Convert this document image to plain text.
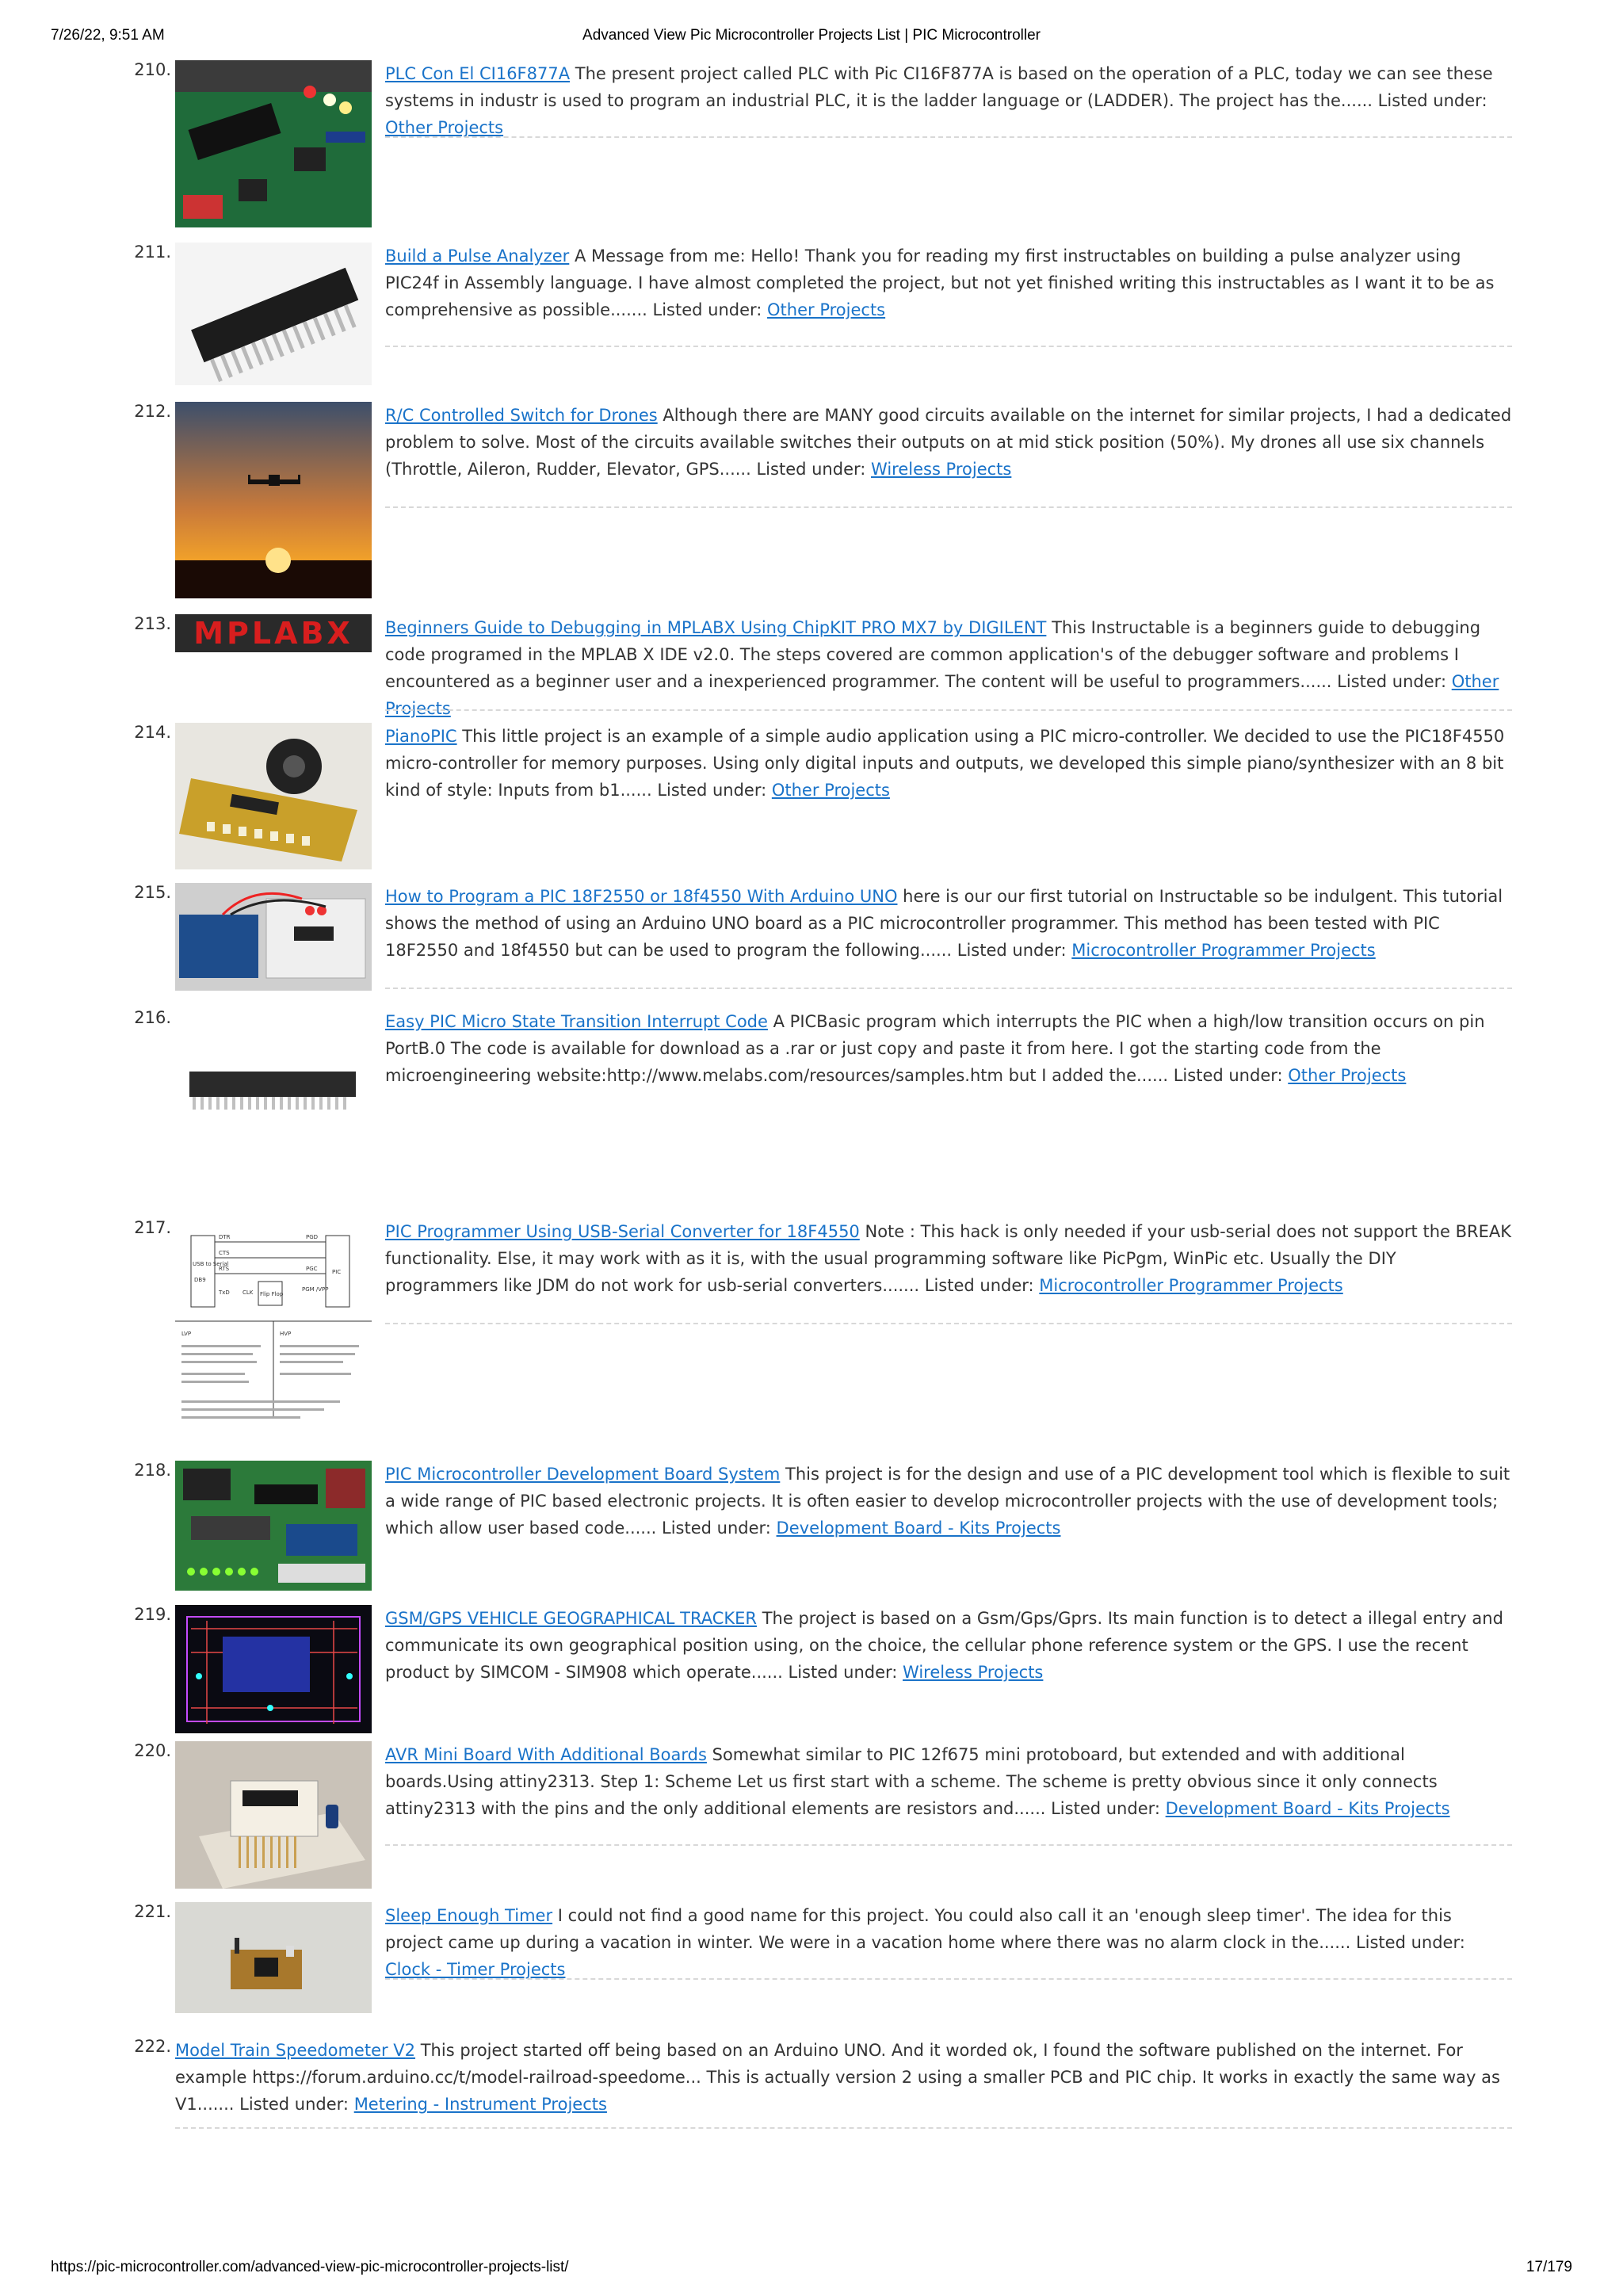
7/26/22, 9:51 AM	Advanced View Pic Microcontroller Projects List | PIC Microcontroller
210.	PLC Con El CI16F877A The present project called PLC with Pic CI16F877A is based on the operation of a PLC, today we can see these systems in industr is used to program an industrial PLC, it is the ladder language or (LADDER). The project has the...... Listed under: Other Projects
211.	Build a Pulse Analyzer A Message from me: Hello! Thank you for reading my first instructables on building a pulse analyzer using PIC24f in Assembly language. I have almost completed the project, but not yet finished writing this instructables as I want it to be as comprehensive as possible....... Listed under: Other Projects
212.	R/C Controlled Switch for Drones Although there are MANY good circuits available on the internet for similar projects, I had a dedicated problem to solve. Most of the circuits available switches their outputs on at mid stick position (50%). My drones all use six channels (Throttle, Aileron, Rudder, Elevator, GPS...... Listed under: Wireless Projects
213. MPLABX Beginners Guide to Debugging in MPLABX Using ChipKIT PRO MX7 by DIGILENT This Instructable is a beginners guide to debugging code programed in the MPLAB X IDE v2.0. The steps covered are common application's of the debugger software and problems I encountered as a beginner user and a inexperienced programmer. The content will be useful to programmers...... Listed under: Other Projects
214.	PianoPIC This little project is an example of a simple audio application using a PIC micro-controller. We decided to use the PIC18F4550 micro-controller for memory purposes. Using only digital inputs and outputs, we developed this simple piano/synthesizer with an 8 bit kind of style: Inputs from b1...... Listed under: Other Projects
215.	How to Program a PIC 18F2550 or 18f4550 With Arduino UNO here is our our first tutorial on Instructable so be indulgent. This tutorial shows the method of using an Arduino UNO board as a PIC microcontroller programmer. This method has been tested with PIC 18F2550 and 18f4550 but can be used to program the following...... Listed under: Microcontroller Programmer Projects
216.	Easy PIC Micro State Transition Interrupt Code A PICBasic program which interrupts the PIC when a high/low transition occurs on pin PortB.0 The code is available for download as a .rar or just copy and paste it from here. I got the starting code from the microengineering website:http://www.melabs.com/resources/samples.htm but I added the...... Listed under: Other Projects
217.
USB to Serial
DB9
PIC
DTR
CTS
RTS
PGD
PGC
Flip Flop
TxD CLK	PGM /VPP
LVP	HVP
PIC Programmer Using USB-Serial Converter for 18F4550 Note : This hack is only needed if your usb-serial does not support the BREAK functionality. Else, it may work with as it is, with the usual programming software like PicPgm, WinPic etc. Usually the DIY programmers like JDM do not work for usb-serial converters....... Listed under: Microcontroller Programmer Projects
218.	PIC Microcontroller Development Board System This project is for the design and use of a PIC development tool which is flexible to suit a wide range of PIC based electronic projects. It is often easier to develop microcontroller projects with the use of development tools; which allow user based code...... Listed under: Development Board - Kits Projects
219.	GSM/GPS VEHICLE GEOGRAPHICAL TRACKER The project is based on a Gsm/Gps/Gprs. Its main function is to detect a illegal entry and communicate its own geographical position using, on the choice, the cellular phone reference system or the GPS. I use the recent product by SIMCOM - SIM908 which operate...... Listed under: Wireless Projects
220.	AVR Mini Board With Additional Boards Somewhat similar to PIC 12f675 mini protoboard, but extended and with additional boards.Using attiny2313. Step 1: Scheme Let us first start with a scheme. The scheme is pretty obvious since it only connects attiny2313 with the pins and the only additional elements are resistors and...... Listed under: Development Board - Kits Projects
221.	Sleep Enough Timer I could not find a good name for this project. You could also call it an 'enough sleep timer'. The idea for this project came up during a vacation in winter. We were in a vacation home where there was no alarm clock in the...... Listed under: Clock - Timer Projects
222. Model Train Speedometer V2 This project started off being based on an Arduino UNO. And it worded ok, I found the software published on the internet. For example https://forum.arduino.cc/t/model-railroad-speedome... This is actually version 2 using a smaller PCB and PIC chip. It works in exactly the same way as V1....... Listed under: Metering - Instrument Projects
https://pic-microcontroller.com/advanced-view-pic-microcontroller-projects-list/	17/179
